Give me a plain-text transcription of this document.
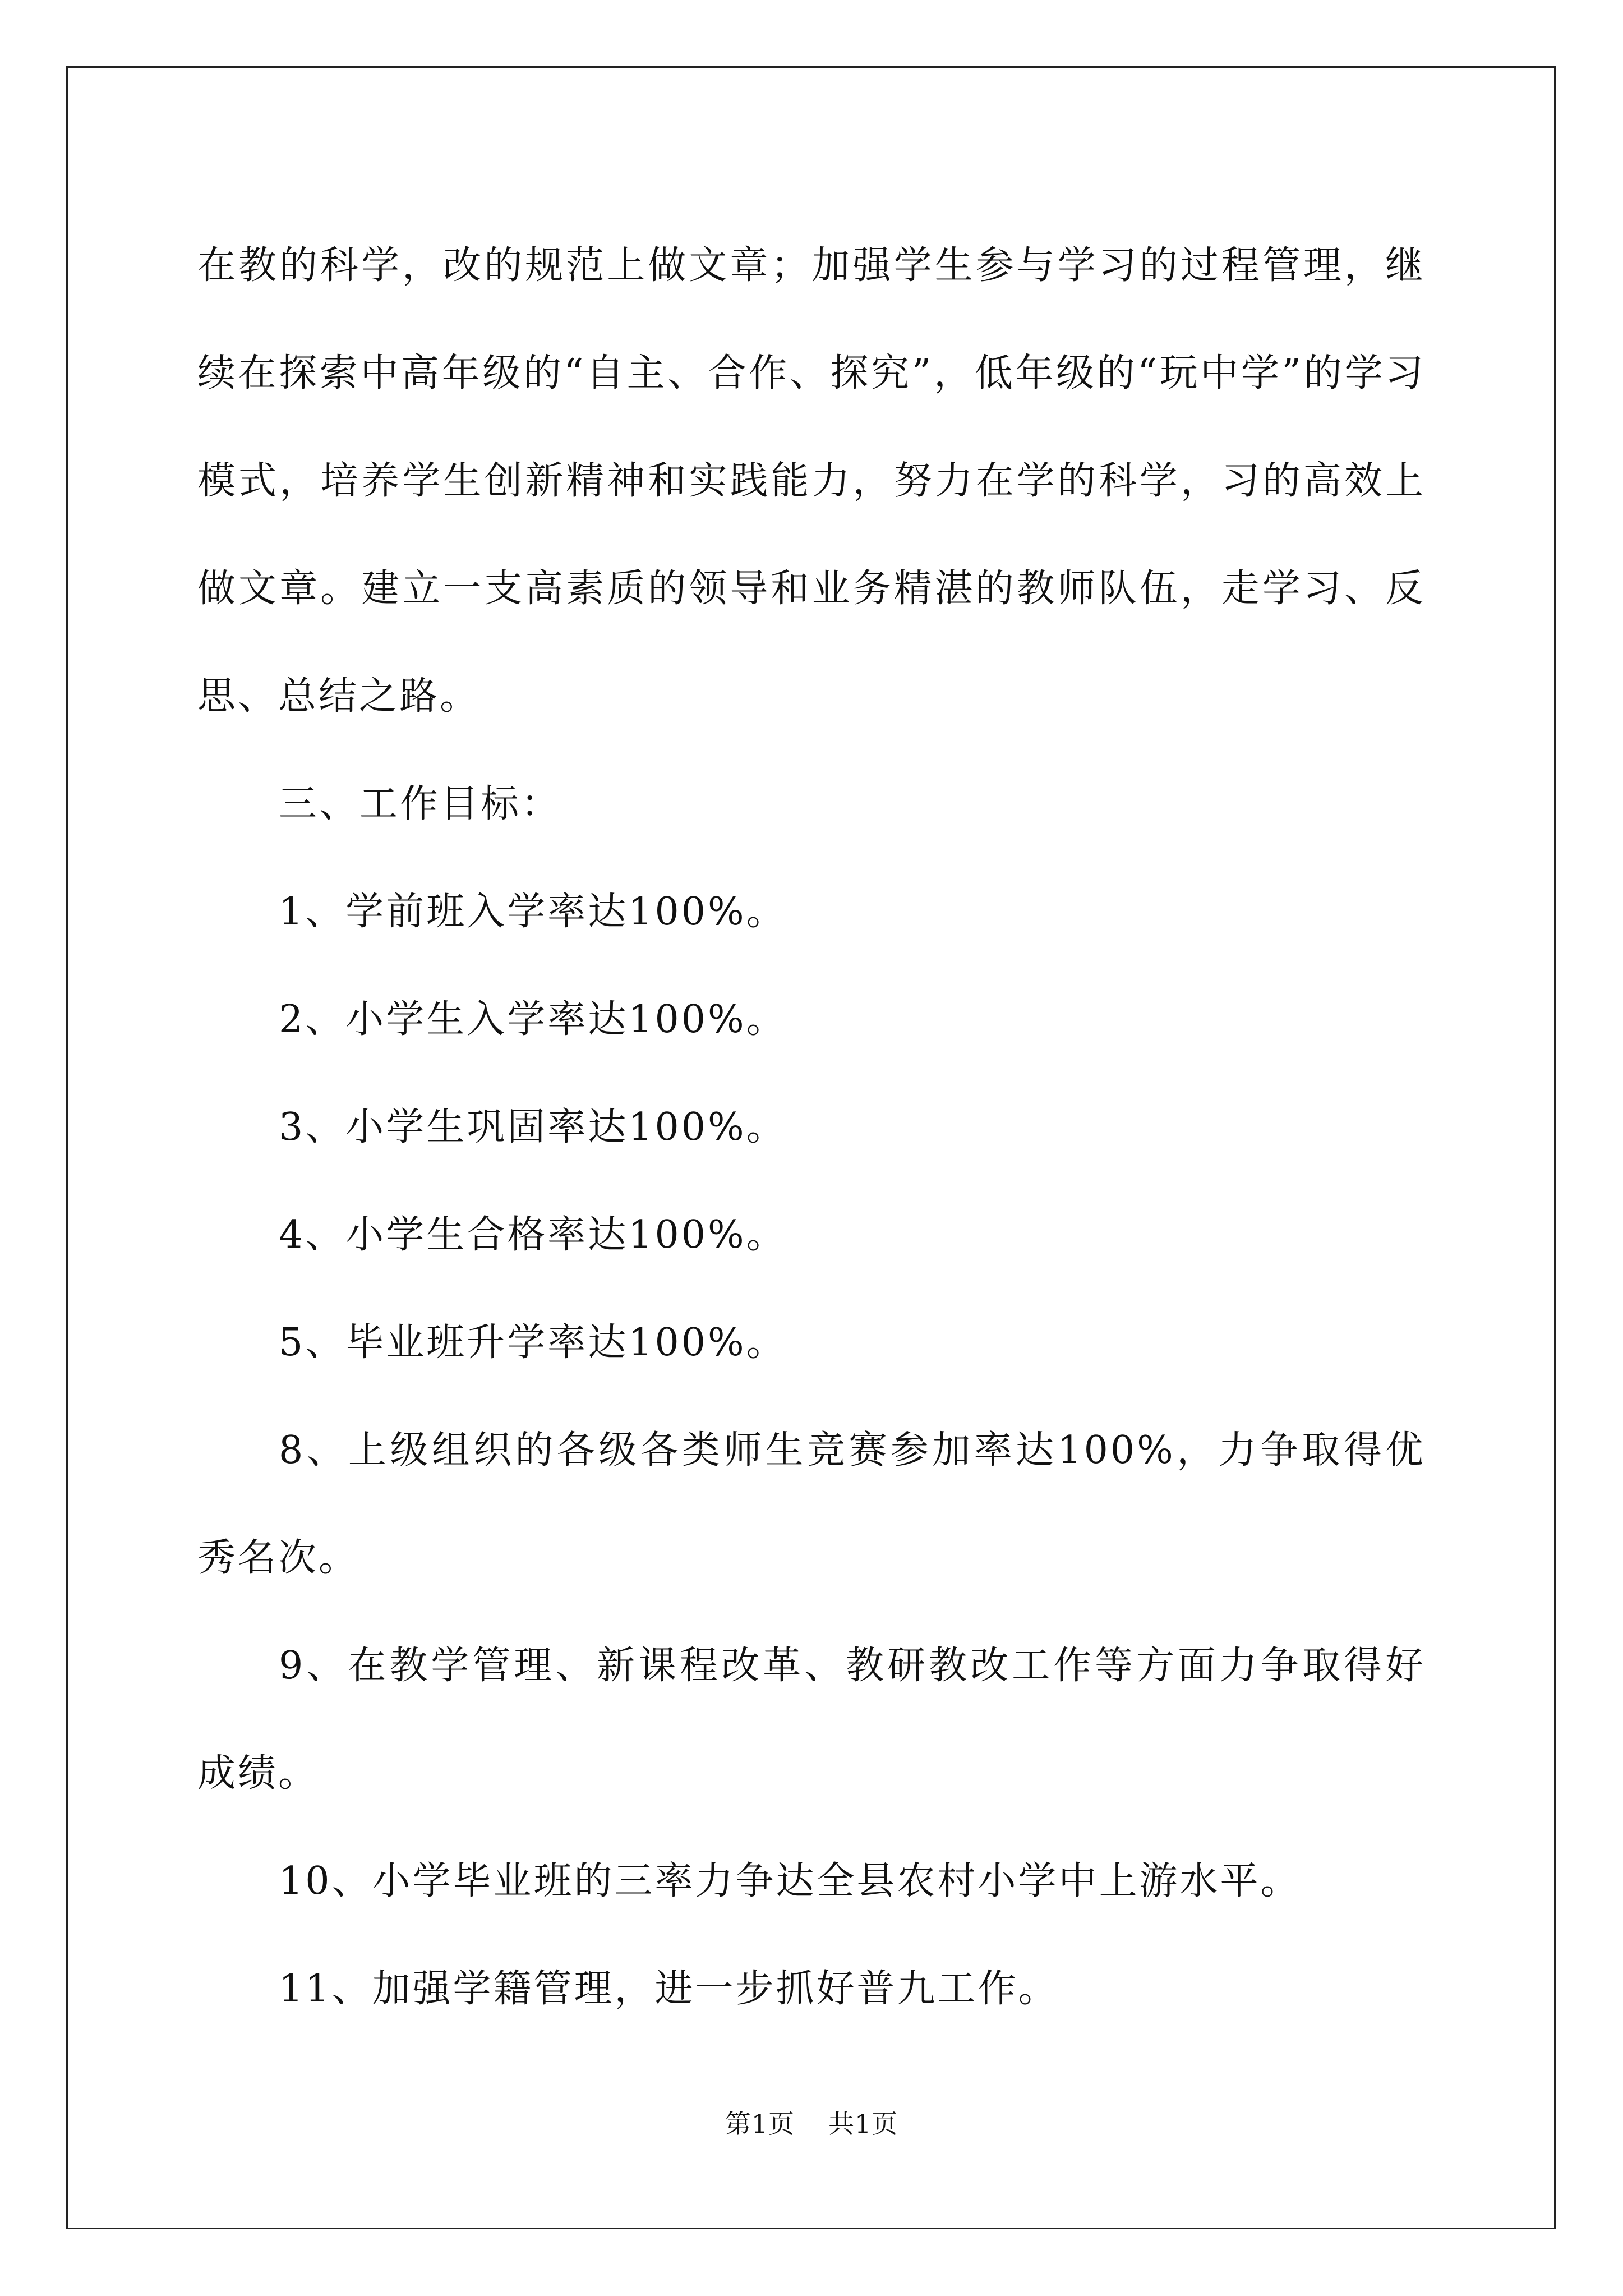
在教的科学，改的规范上做文章；加强学生参与学习的过程管理，继续在探索中高年级的“自主、合作、探究”，低年级的“玩中学”的学习模式，培养学生创新精神和实践能力，努力在学的科学，习的高效上做文章。建立一支高素质的领导和业务精湛的教师队伍，走学习、反思、总结之路。

三、工作目标：

1、学前班入学率达100%。

2、小学生入学率达100%。

3、小学生巩固率达100%。

4、小学生合格率达100%。

5、毕业班升学率达100%。

8、上级组织的各级各类师生竞赛参加率达100%，力争取得优秀名次。

9、在教学管理、新课程改革、教研教改工作等方面力争取得好成绩。

10、小学毕业班的三率力争达全县农村小学中上游水平。

11、加强学籍管理，进一步抓好普九工作。

第1页 共1页
